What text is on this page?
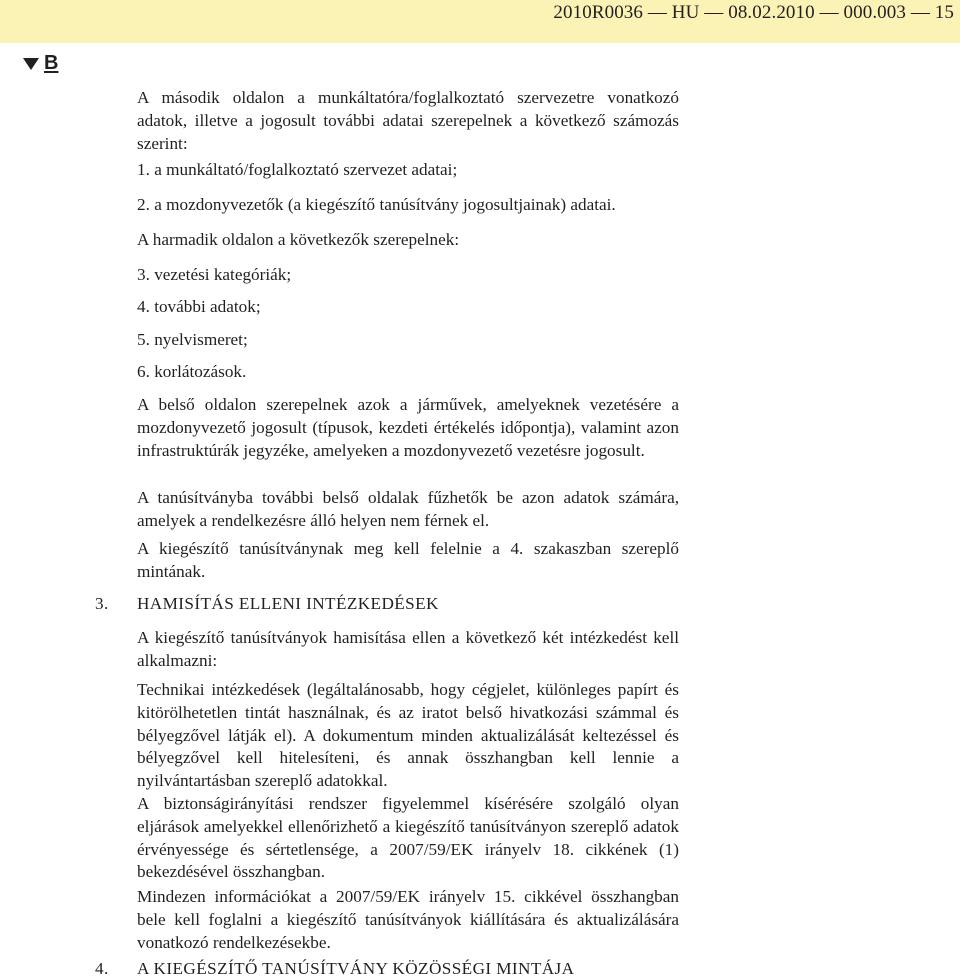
2010R0036 — HU — 08.02.2010 — 000.003 — 15
B

A második oldalon a munkáltatóra/foglalkoztató szervezetre vonatkozó adatok, illetve a jogosult további adatai szerepelnek a következő számozás szerint:

1. a munkáltató/foglalkoztató szervezet adatai;

2. a mozdonyvezetők (a kiegészítő tanúsítvány jogosultjainak) adatai.

A harmadik oldalon a következők szerepelnek:

3. vezetési kategóriák;

4. további adatok;

5. nyelvismeret;

6. korlátozások.

A belső oldalon szerepelnek azok a járművek, amelyeknek vezetésére a mozdonyvezető jogosult (típusok, kezdeti értékelés időpontja), valamint azon infrastruktúrák jegyzéke, amelyeken a mozdonyvezető vezetésre jogosult.

A tanúsítványba további belső oldalak fűzhetők be azon adatok számára, amelyek a rendelkezésre álló helyen nem férnek el.

A kiegészítő tanúsítványnak meg kell felelnie a 4. szakaszban szereplő mintának.

3. HAMISÍTÁS ELLENI INTÉZKEDÉSEK

A kiegészítő tanúsítványok hamisítása ellen a következő két intézkedést kell alkalmazni:

Technikai intézkedések (legáltalánosabb, hogy cégjelet, különleges papírt és kitörölhetetlen tintát használnak, és az iratot belső hivatkozási számmal és bélyegzővel látják el). A dokumentum minden aktualizálását keltezéssel és bélyegzővel kell hitelesíteni, és annak összhangban kell lennie a nyilvántartásban szereplő adatokkal.

A biztonságirányítási rendszer figyelemmel kísérésére szolgáló olyan eljárások amelyekkel ellenőrizhető a kiegészítő tanúsítványon szereplő adatok érvényessége és sértetlensége, a 2007/59/EK irányelv 18. cikkének (1) bekezdésével összhangban.

Mindezen információkat a 2007/59/EK irányelv 15. cikkével összhangban bele kell foglalni a kiegészítő tanúsítványok kiállítására és aktualizálására vonatkozó rendelkezésekbe.

4. A KIEGÉSZÍTŐ TANÚSÍTVÁNY KÖZÖSSÉGI MINTÁJA
